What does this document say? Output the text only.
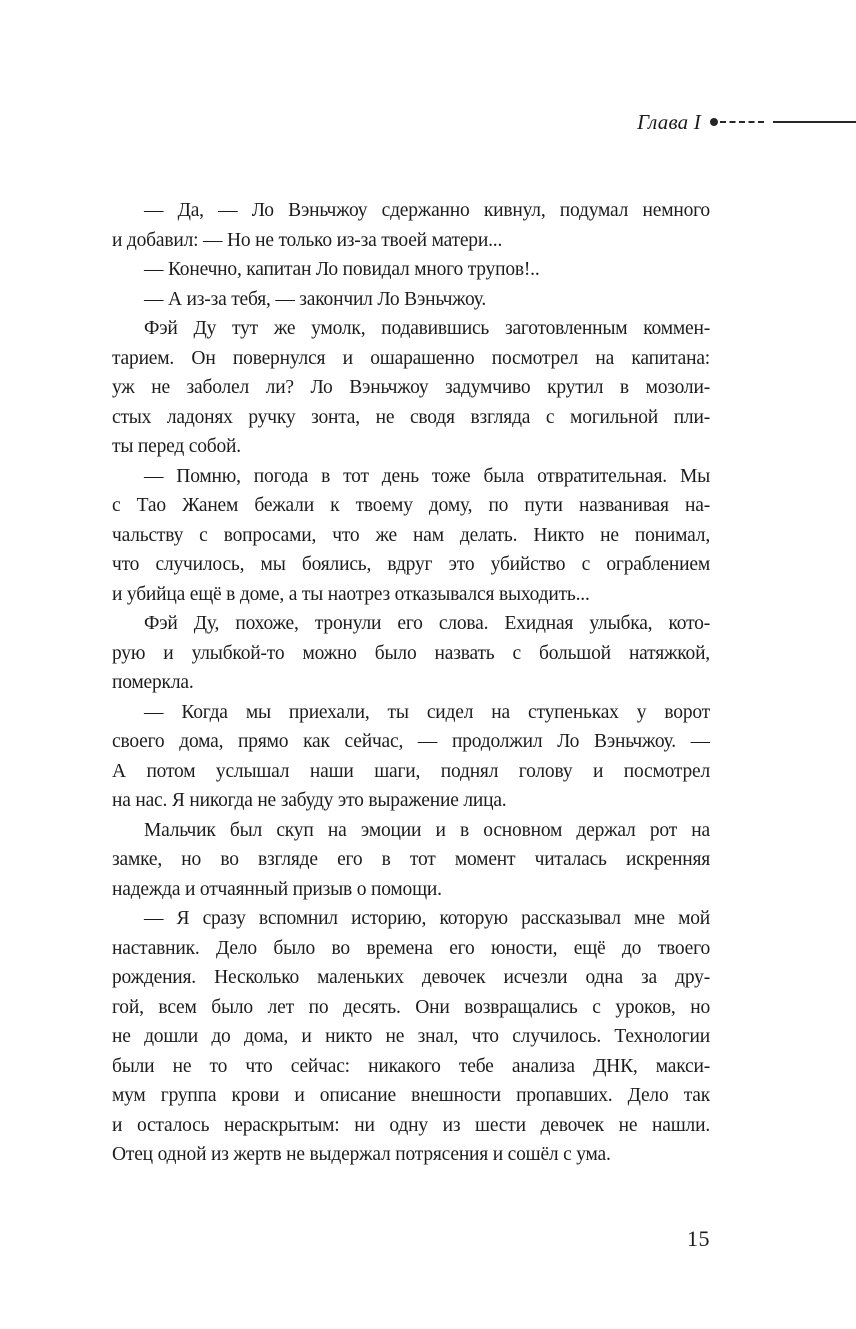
Глава I
— Да, — Ло Вэньчжоу сдержанно кивнул, подумал немного
и добавил: — Но не только из-за твоей матери...
— Конечно, капитан Ло повидал много трупов!..
— А из-за тебя, — закончил Ло Вэньчжоу.
Фэй Ду тут же умолк, подавившись заготовленным коммен-
тарием. Он повернулся и ошарашенно посмотрел на капитана:
уж не заболел ли? Ло Вэньчжоу задумчиво крутил в мозоли-
стых ладонях ручку зонта, не сводя взгляда с могильной пли-
ты перед собой.
— Помню, погода в тот день тоже была отвратительная. Мы
с Тао Жанем бежали к твоему дому, по пути названивая на-
чальству с вопросами, что же нам делать. Никто не понимал,
что случилось, мы боялись, вдруг это убийство с ограблением
и убийца ещё в доме, а ты наотрез отказывался выходить...
Фэй Ду, похоже, тронули его слова. Ехидная улыбка, кото-
рую и улыбкой-то можно было назвать с большой натяжкой,
померкла.
— Когда мы приехали, ты сидел на ступеньках у ворот
своего дома, прямо как сейчас, — продолжил Ло Вэньчжоу. —
А потом услышал наши шаги, поднял голову и посмотрел
на нас. Я никогда не забуду это выражение лица.
Мальчик был скуп на эмоции и в основном держал рот на
замке, но во взгляде его в тот момент читалась искренняя
надежда и отчаянный призыв о помощи.
— Я сразу вспомнил историю, которую рассказывал мне мой
наставник. Дело было во времена его юности, ещё до твоего
рождения. Несколько маленьких девочек исчезли одна за дру-
гой, всем было лет по десять. Они возвращались с уроков, но
не дошли до дома, и никто не знал, что случилось. Технологии
были не то что сейчас: никакого тебе анализа ДНК, макси-
мум группа крови и описание внешности пропавших. Дело так
и осталось нераскрытым: ни одну из шести девочек не нашли.
Отец одной из жертв не выдержал потрясения и сошёл с ума.
15
